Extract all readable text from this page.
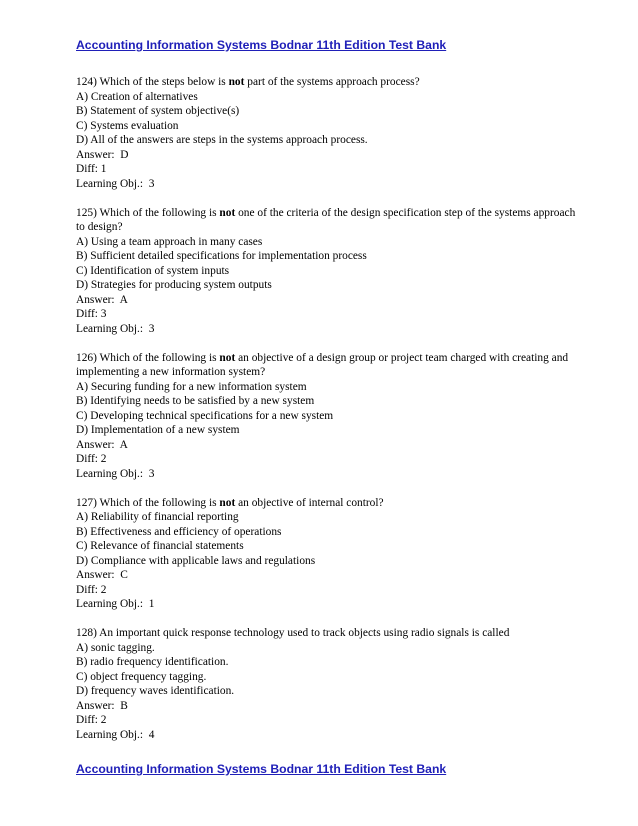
Accounting Information Systems Bodnar 11th Edition Test Bank
124) Which of the steps below is not part of the systems approach process?
A) Creation of alternatives
B) Statement of system objective(s)
C) Systems evaluation
D) All of the answers are steps in the systems approach process.
Answer:  D
Diff: 1
Learning Obj.:  3
125) Which of the following is not one of the criteria of the design specification step of the systems approach to design?
A) Using a team approach in many cases
B) Sufficient detailed specifications for implementation process
C) Identification of system inputs
D) Strategies for producing system outputs
Answer:  A
Diff: 3
Learning Obj.:  3
126) Which of the following is not an objective of a design group or project team charged with creating and implementing a new information system?
A) Securing funding for a new information system
B) Identifying needs to be satisfied by a new system
C) Developing technical specifications for a new system
D) Implementation of a new system
Answer:  A
Diff: 2
Learning Obj.:  3
127) Which of the following is not an objective of internal control?
A) Reliability of financial reporting
B) Effectiveness and efficiency of operations
C) Relevance of financial statements
D) Compliance with applicable laws and regulations
Answer:  C
Diff: 2
Learning Obj.:  1
128) An important quick response technology used to track objects using radio signals is called
A) sonic tagging.
B) radio frequency identification.
C) object frequency tagging.
D) frequency waves identification.
Answer:  B
Diff: 2
Learning Obj.:  4
Accounting Information Systems Bodnar 11th Edition Test Bank
